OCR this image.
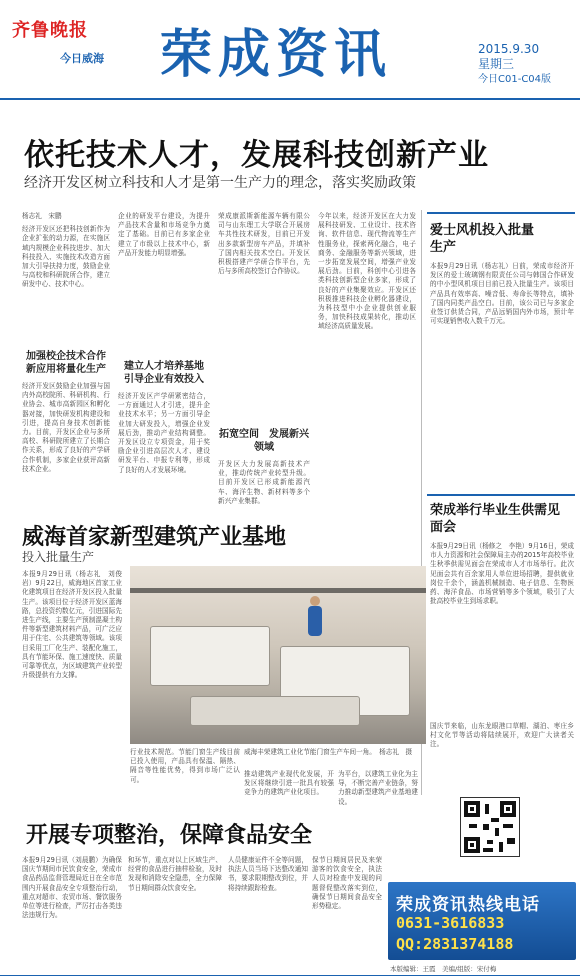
齐鲁晚报
今日威海 荣成资讯	2015.9.30
星期三
今日C01-C04版
依托技术人才，发展科技创新产业
经济开发区树立科技和人才是第一生产力的理念，落实奖励政策
杨志礼　宋鹏
经济开发区还把科技创新作为企业扩张的动力源，在实施区域内规模企业科技进步、加大科技投入、实施技术改造方面加大引导扶持力度，鼓励企业与高校和科研院所合作，建立研发中心、技术中心。
加强校企技术合作　新应用将量化生产
经济开发区鼓励企业加强与国内外高校院所、科研机构、行业协会、城市高新园区和孵化器对接，加快研发机构建设和引进，提高自身技术创新能力。目前，开发区企业与多所高校、科研院所建立了长期合作关系，形成了良好的产学研合作机制，多家企业获评高新技术企业。
企业的研发平台建设，为提升产品技术含量和市场竞争力奠定了基础。目前已有多家企业建立了市级以上技术中心，新产品开发能力明显增强。
建立人才培养基地　引导企业有效投入
经济开发区产学研紧密结合，一方面通过人才引进，提升企业技术水平；另一方面引导企业加大研发投入，增强企业发展后劲，推动产业结构调整。开发区设立专项资金，用于奖励企业引进高层次人才、建设研发平台、申报专利等，形成了良好的人才发展环境。
荣成康派斯新能源车辆有限公司与山东理工大学联合开展房车共性技术研发，目前已开发出多款新型房车产品，并填补了国内相关技术空白。开发区积极搭建产学研合作平台，先后与多所高校签订合作协议。
拓宽空间　发展新兴领域
开发区大力发展高新技术产业，推动传统产业转型升级。目前开发区已形成新能源汽车、海洋生物、新材料等多个新兴产业集群。
今年以来，经济开发区在大力发展科技研发、工业设计、技术咨询、软件信息、现代物流等生产性服务业，探索两化融合，电子商务、金融服务等新兴领域，进一步拓宽发展空间，增强产业发展后劲。目前，科创中心引进各类科技创新型企业多家，形成了良好的产业集聚效应。开发区还积极推进科技企业孵化器建设，为科技型中小企业提供创业服务，加快科技成果转化，推动区域经济高质量发展。
爱士风机投入批量生产
本报9月29日讯（杨志礼）日前，荣成市经济开发区的爱士玻璃钢有限责任公司与韩国合作研发的中小型风机项目目前已投入批量生产。该项目产品具有效率高、噪音低、寿命长等特点，填补了国内同类产品空白。目前，该公司已与多家企业签订供货合同，产品远销国内外市场，预计年可实现销售收入数千万元。
荣成举行毕业生供需见面会
本报9月29日讯（杨修之　李艳）9月16日，荣成市人力资源和社会保障局主办的2015年高校毕业生秋季供需见面会在荣成市人才市场举行。此次见面会共有百余家用人单位进场招聘，提供就业岗位千余个，涵盖机械制造、电子信息、生物医药、海洋食品、市场营销等多个领域，吸引了大批高校毕业生到场求职。
国庆节来临，山东龙眼港口草帽、湖泊、枣庄乡村文化节等活动将陆续展开，欢迎广大读者关注。
威海首家新型建筑产业基地
投入批量生产
本报9月29日讯（杨志礼　刘俊岩）9月22日，威海地区首家工业化建筑项目在经济开发区投入批量生产。该项目位于经济开发区蓝海路，总投资约数亿元，引进国际先进生产线，主要生产预制混凝土构件等新型建筑材料产品，可广泛应用于住宅、公共建筑等领域。该项目采用工厂化生产、装配化施工，具有节能环保、施工速度快、质量可靠等优点，为区域建筑产业转型升级提供有力支撑。
威海丰荣建筑工业化节能门窗生产车间一角。　杨志礼　摄
行业技术规范。节能门窗生产线目前已投入使用，产品具有保温、隔热、隔音等性能优势，得到市场广泛认可。
推动建筑产业现代化发展，开发区将继续引进一批具有较强竞争力的建筑产业化项目。
为平台，以建筑工业化为主导，不断完善产业链条，努力推动新型建筑产业基地建设。
开展专项整治，保障食品安全
本报9月29日讯（刘晨鹏）为确保国庆节期间市民饮食安全，荣成市食品药品监督管理局近日在全市范围内开展食品安全专项整治行动，重点对超市、农贸市场、餐饮服务单位等进行检查，严厉打击各类违法违规行为。
和环节，重点对以上区域生产、经营的食品进行抽样检验，及时发现和消除安全隐患，全力保障节日期间群众饮食安全。
人员健康证件不全等问题，执法人员当场下达整改通知书，要求限期整改到位，并将持续跟踪检查。
保节日期间居民及来荣游客的饮食安全，执法人员对检查中发现的问题督促整改落实到位，确保节日期间食品安全形势稳定。	荣成资讯热线电话
0631-3616833
QQ:2831374188
本版编辑：王霞　美编/组版：宋付梅
